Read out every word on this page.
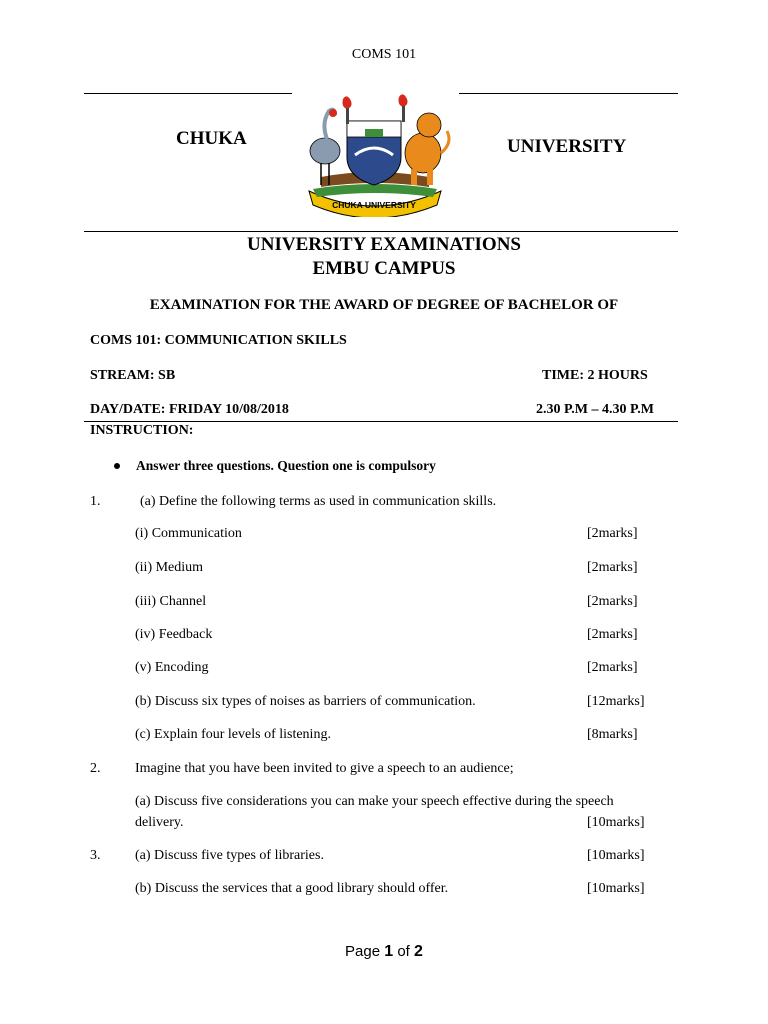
COMS 101
CHUKA	UNIVERSITY
CHUKA UNIVERSITY
UNIVERSITY EXAMINATIONS
EMBU CAMPUS
EXAMINATION FOR THE AWARD OF DEGREE OF BACHELOR OF
COMS 101: COMMUNICATION SKILLS
STREAM: SB	TIME: 2 HOURS
DAY/DATE: FRIDAY 10/08/2018	2.30 P.M – 4.30 P.M
INSTRUCTION:
Answer three questions. Question one is compulsory
1.	(a) Define the following terms as used in communication skills.
(i) Communication	[2marks]
(ii) Medium	[2marks]
(iii) Channel	[2marks]
(iv) Feedback	[2marks]
(v) Encoding	[2marks]
(b) Discuss six types of noises as barriers of communication.	[12marks]
(c) Explain four levels of listening.	[8marks]
2. Imagine that you have been invited to give a speech to an audience;
(a) Discuss five considerations you can make your speech effective during the speech
delivery.	[10marks]
3. (a) Discuss five types of libraries.	[10marks]
(b) Discuss the services that a good library should offer.	[10marks]
Page 1 of 2
